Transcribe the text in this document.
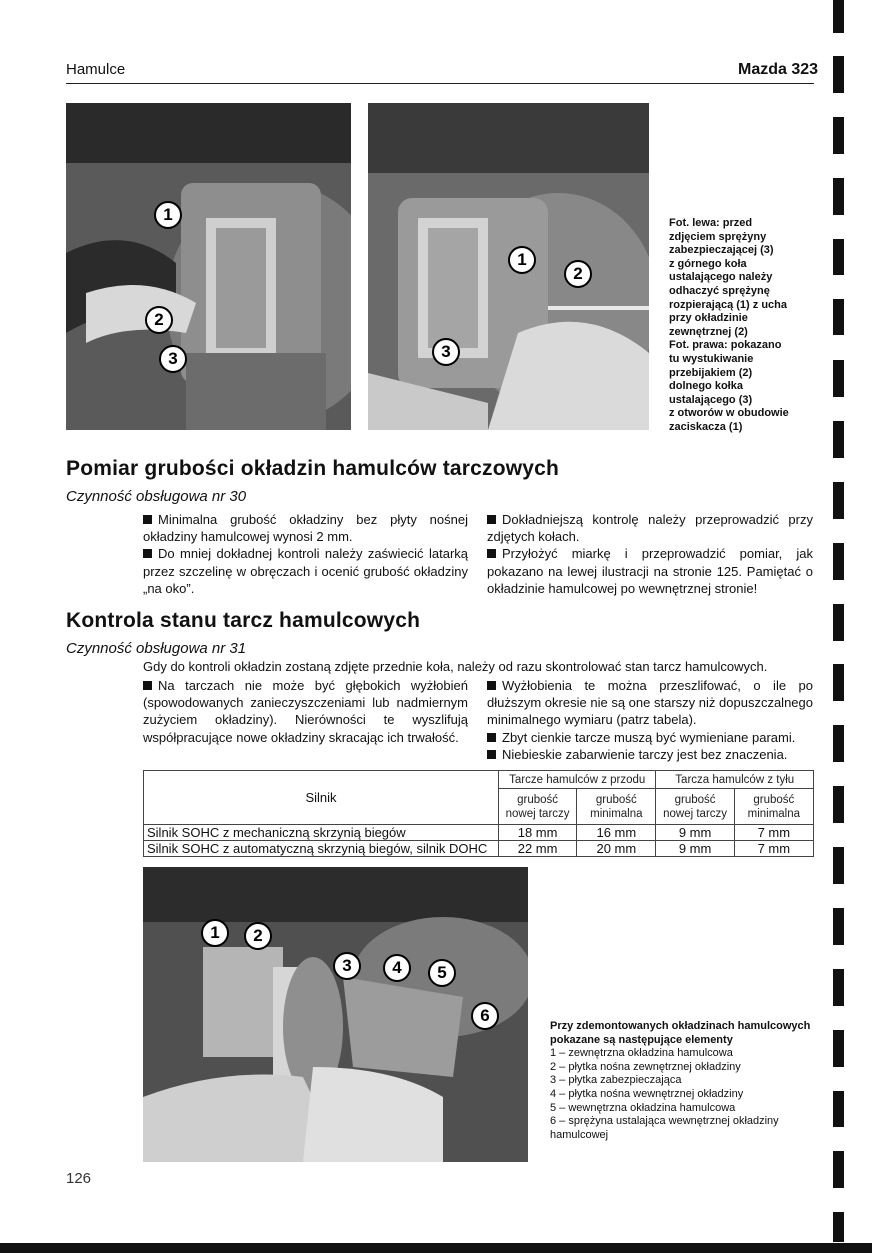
Hamulce	Mazda 323
1
2
3
1
2
3
Fot. lewa: przed
zdjęciem sprężyny
zabezpieczającej (3)
z górnego koła
ustalającego należy
odhaczyć sprężynę
rozpierającą (1) z ucha
przy okładzinie
zewnętrznej (2)
Fot. prawa: pokazano
tu wystukiwanie
przebijakiem (2)
dolnego kołka
ustalającego (3)
z otworów w obudowie
zaciskacza (1)
Pomiar grubości okładzin hamulców tarczowych
Czynność obsługowa nr 30

Minimalna grubość okładziny bez płyty nośnej okładziny hamulcowej wynosi 2 mm.

Do mniej dokładnej kontroli należy zaświecić latarką przez szczelinę w obręczach i ocenić grubość okładziny „na oko”.

Dokładniejszą kontrolę należy przeprowadzić przy zdjętych kołach.

Przyłożyć miarkę i przeprowadzić pomiar, jak pokazano na lewej ilustracji na stronie 125. Pamiętać o okładzinie hamulcowej po wewnętrznej stronie!

Kontrola stanu tarcz hamulcowych
Czynność obsługowa nr 31
Gdy do kontroli okładzin zostaną zdjęte przednie koła, należy od razu skontrolować stan tarcz hamulcowych.

Na tarczach nie może być głębokich wyżłobień (spowodowanych zanieczyszczeniami lub nadmiernym zużyciem okładziny). Nierówności te wyszlifują współpracujące nowe okładziny skracając ich trwałość.

Wyżłobienia te można przeszlifować, o ile po dłuższym okresie nie są one starszy niż dopuszczalnego minimalnego wymiaru (patrz tabela).

Zbyt cienkie tarcze muszą być wymieniane parami.

Niebieskie zabarwienie tarczy jest bez znaczenia.

Silnik	Tarcze hamulców z przodu		Tarcza hamulców z tyłu	
	grubość nowej tarczy	grubość minimalna	grubość nowej tarczy	grubość minimalna
Silnik SOHC z mechaniczną skrzynią biegów	18 mm	16 mm	9 mm	7 mm
Silnik SOHC z automatyczną skrzynią biegów, silnik DOHC	22 mm	20 mm	9 mm	7 mm
1	2
3	4	5
6
Przy zdemontowanych okładzinach hamulcowych pokazane są następujące elementy
1 – zewnętrzna okładzina hamulcowa
2 – płytka nośna zewnętrznej okładziny
3 – płytka zabezpieczająca
4 – płytka nośna wewnętrznej okładziny
5 – wewnętrzna okładzina hamulcowa
6 – sprężyna ustalająca wewnętrznej okładziny hamulcowej
126
